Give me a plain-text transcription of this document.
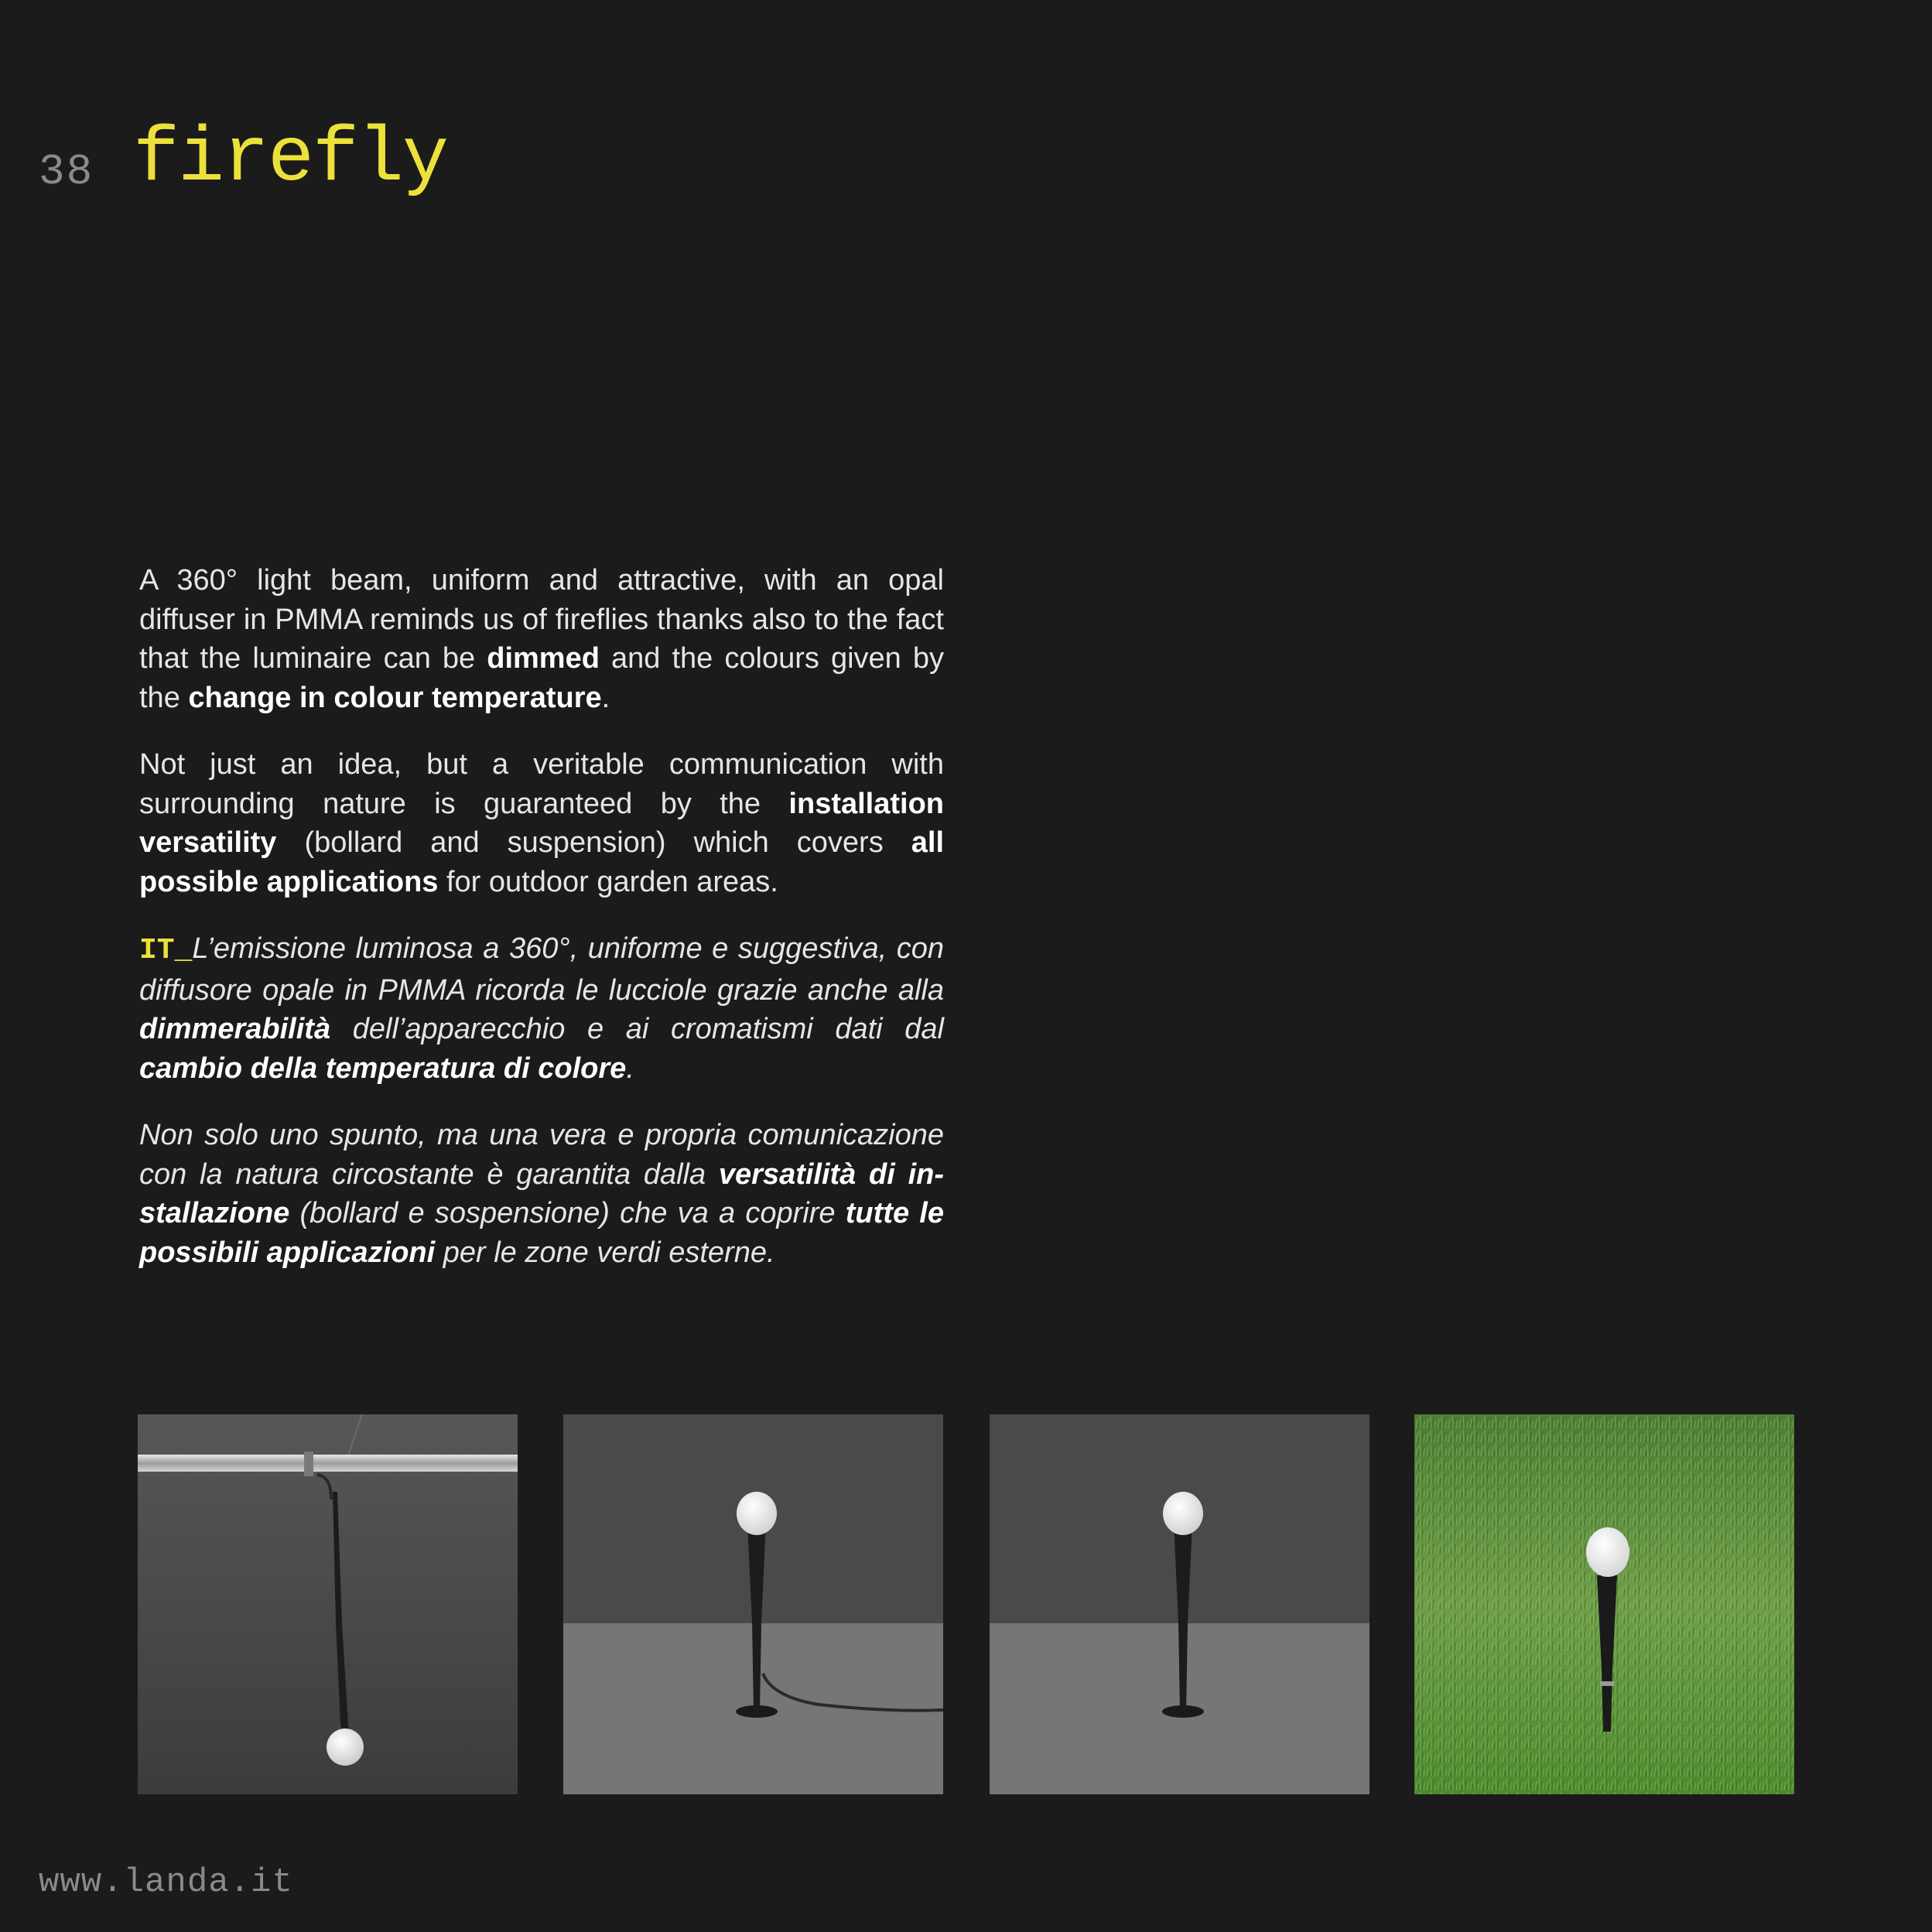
38 firefly

A 360° light beam, uniform and attractive, with an opal diffuser in PMMA reminds us of fireflies thanks also to the fact that the luminaire can be dimmed and the colours given by the change in colour temperature.

Not just an idea, but a veritable communication with surrounding nature is guaranteed by the installation versatility (bollard and suspension) which covers all possible applications for outdoor garden areas.

IT_L’emissione luminosa a 360°, uniforme e suggestiva, con diffusore opale in PMMA ricorda le lucciole grazie anche alla dimmerabilità dell’apparecchio e ai cromatismi dati dal cambio della temperatura di colore.

Non solo uno spunto, ma una vera e propria comunicazione con la natura circostante è garantita dalla versatilità di in-stallazione (bollard e sospensione) che va a coprire tutte le possibili applicazioni per le zone verdi esterne.

www.landa.it
